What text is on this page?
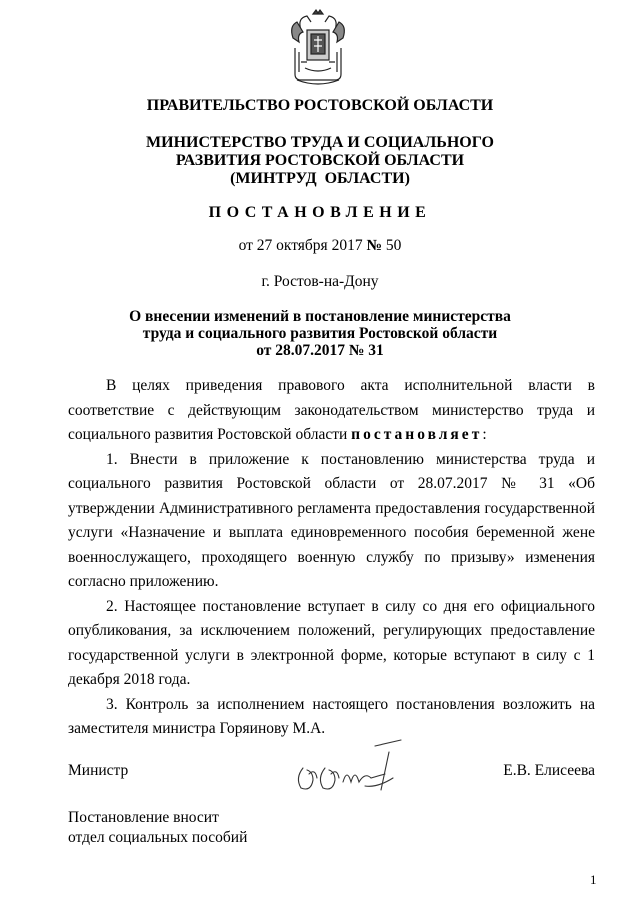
ПРАВИТЕЛЬСТВО РОСТОВСКОЙ ОБЛАСТИ
МИНИСТЕРСТВО ТРУДА И СОЦИАЛЬНОГО
РАЗВИТИЯ РОСТОВСКОЙ ОБЛАСТИ
(МИНТРУД  ОБЛАСТИ)
ПОСТАНОВЛЕНИЕ
от 27 октября 2017 № 50
г. Ростов-на-Дону
О внесении изменений в постановление министерства
труда и социального развития Ростовской области
от 28.07.2017 № 31

В целях приведения правового акта исполнительной власти в соответствие с действующим законодательством министерство труда и социального развития Ростовской области постановляет:

1. Внести в приложение к постановлению министерства труда и социального развития Ростовской области от 28.07.2017 № 31 «Об утверждении Административного регламента предоставления государственной услуги «Назначение и выплата единовременного пособия беременной жене военнослужащего, проходящего военную службу по призыву» изменения согласно приложению.

2. Настоящее постановление вступает в силу со дня его официального опубликования, за исключением положений, регулирующих предоставление государственной услуги в электронной форме, которые вступают в силу с 1 декабря 2018 года.

3. Контроль за исполнением настоящего постановления возложить на заместителя министра Горяинову М.А.

Министр	Е.В. Елисеева
Постановление вносит
отдел социальных пособий
1
